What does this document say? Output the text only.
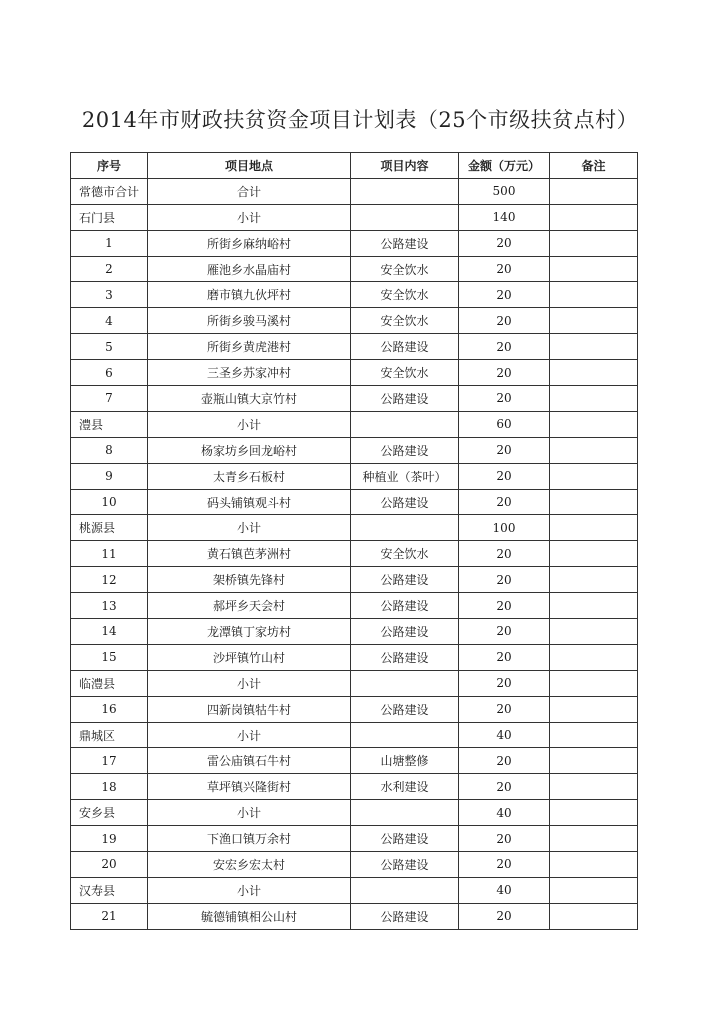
2014年市财政扶贫资金项目计划表（25个市级扶贫点村）
序号	项目地点	项目内容	金额（万元）	备注
常德市合计	合计		500	
石门县	小计		140	
1	所街乡麻纳峪村	公路建设	20	
2	雁池乡水晶庙村	安全饮水	20	
3	磨市镇九伙坪村	安全饮水	20	
4	所街乡骏马溪村	安全饮水	20	
5	所街乡黄虎港村	公路建设	20	
6	三圣乡苏家冲村	安全饮水	20	
7	壶瓶山镇大京竹村	公路建设	20	
澧县	小计		60	
8	杨家坊乡回龙峪村	公路建设	20	
9	太青乡石板村	种植业（茶叶）	20	
10	码头铺镇观斗村	公路建设	20	
桃源县	小计		100	
11	黄石镇芭茅洲村	安全饮水	20	
12	架桥镇先锋村	公路建设	20	
13	郝坪乡天会村	公路建设	20	
14	龙潭镇丁家坊村	公路建设	20	
15	沙坪镇竹山村	公路建设	20	
临澧县	小计		20	
16	四新岗镇牯牛村	公路建设	20	
鼎城区	小计		40	
17	雷公庙镇石牛村	山塘整修	20	
18	草坪镇兴隆街村	水利建设	20	
安乡县	小计		40	
19	下渔口镇万余村	公路建设	20	
20	安宏乡宏太村	公路建设	20	
汉寿县	小计		40	
21	毓德铺镇相公山村	公路建设	20	
